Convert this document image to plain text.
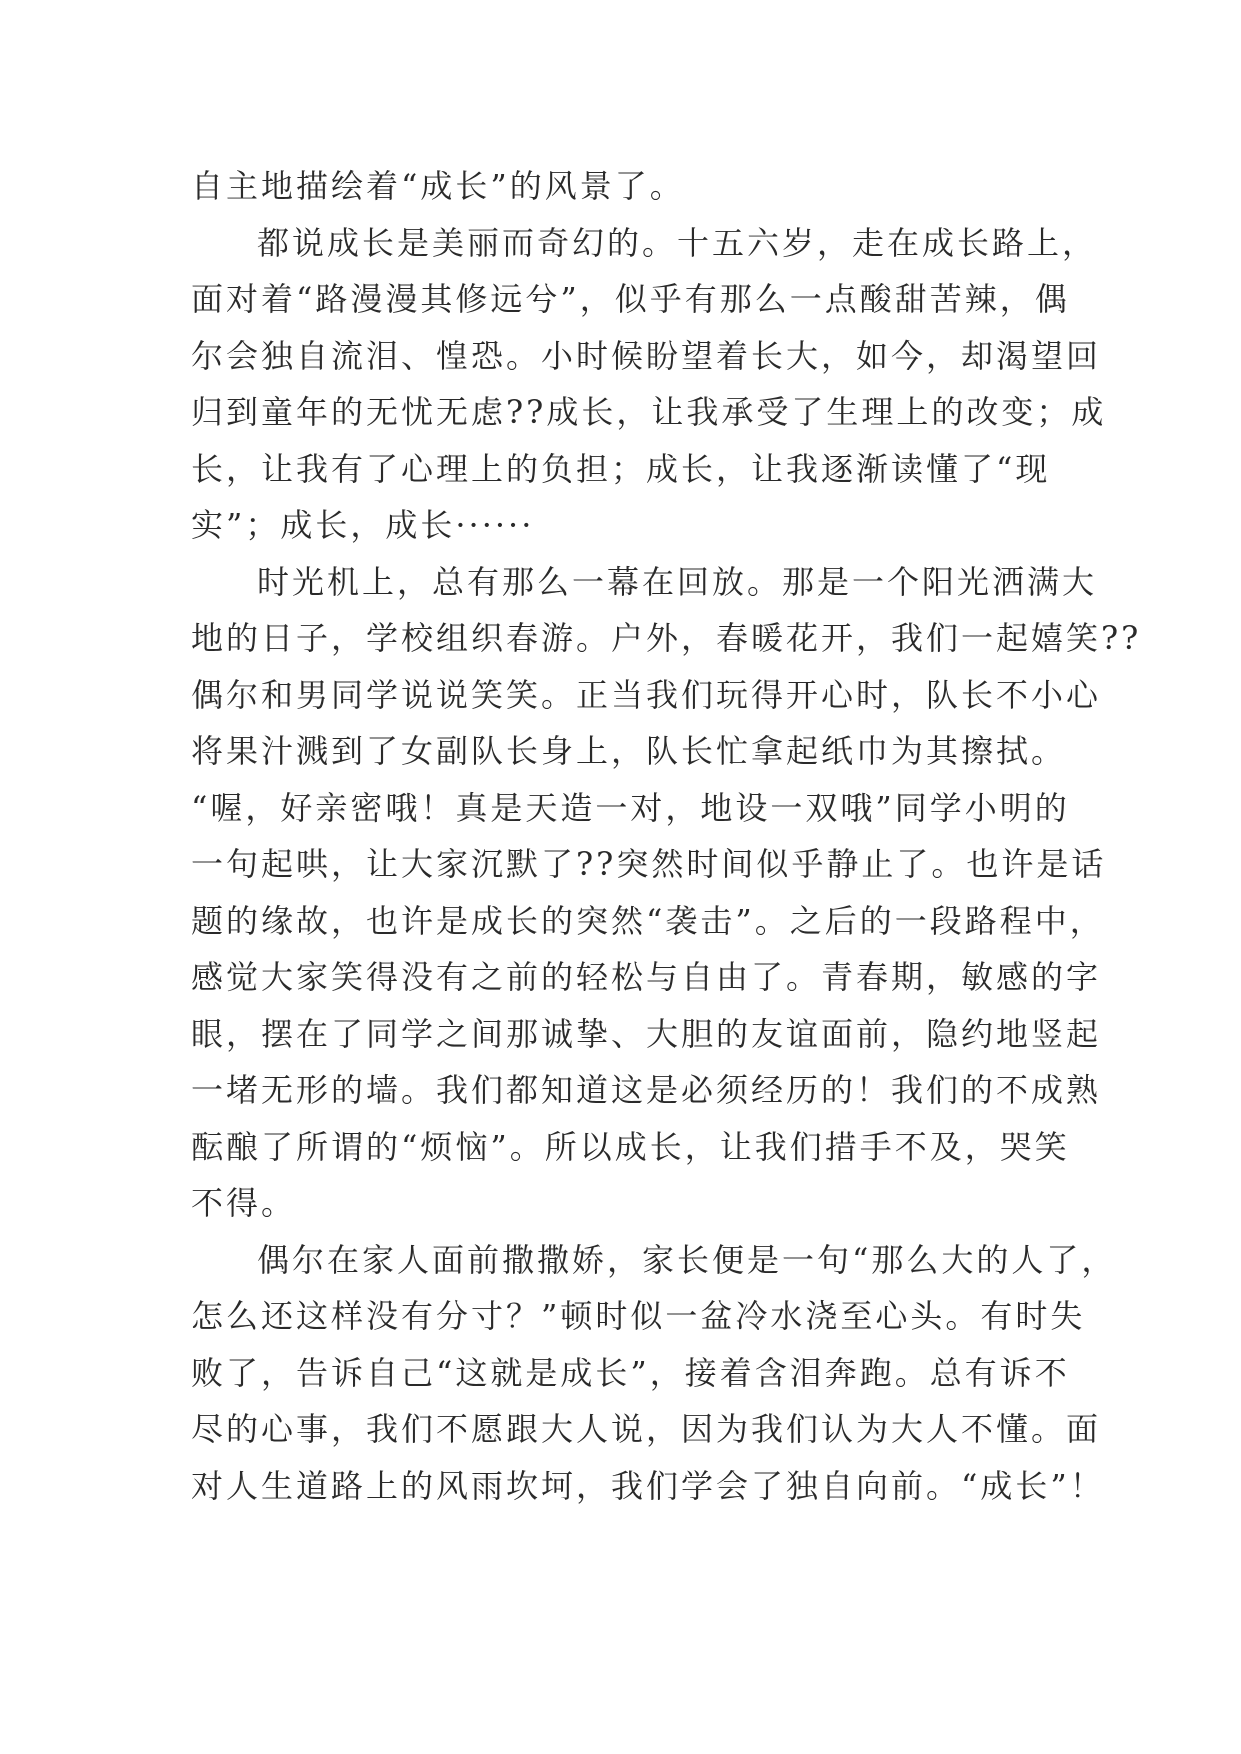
自主地描绘着“成长”的风景了。
都说成长是美丽而奇幻的。十五六岁，走在成长路上，
面对着“路漫漫其修远兮”，似乎有那么一点酸甜苦辣，偶
尔会独自流泪、惶恐。小时候盼望着长大，如今，却渴望回
归到童年的无忧无虑??成长，让我承受了生理上的改变；成
长，让我有了心理上的负担；成长，让我逐渐读懂了“现
实”；成长，成长······
时光机上，总有那么一幕在回放。那是一个阳光洒满大
地的日子，学校组织春游。户外，春暖花开，我们一起嬉笑??
偶尔和男同学说说笑笑。正当我们玩得开心时，队长不小心
将果汁溅到了女副队长身上，队长忙拿起纸巾为其擦拭。
“喔，好亲密哦！真是天造一对，地设一双哦”同学小明的
一句起哄，让大家沉默了??突然时间似乎静止了。也许是话
题的缘故，也许是成长的突然“袭击”。之后的一段路程中，
感觉大家笑得没有之前的轻松与自由了。青春期，敏感的字
眼，摆在了同学之间那诚挚、大胆的友谊面前，隐约地竖起
一堵无形的墙。我们都知道这是必须经历的！我们的不成熟
酝酿了所谓的“烦恼”。所以成长，让我们措手不及，哭笑
不得。
偶尔在家人面前撒撒娇，家长便是一句“那么大的人了，
怎么还这样没有分寸？”顿时似一盆冷水浇至心头。有时失
败了，告诉自己“这就是成长”，接着含泪奔跑。总有诉不
尽的心事，我们不愿跟大人说，因为我们认为大人不懂。面
对人生道路上的风雨坎坷，我们学会了独自向前。“成长”！
